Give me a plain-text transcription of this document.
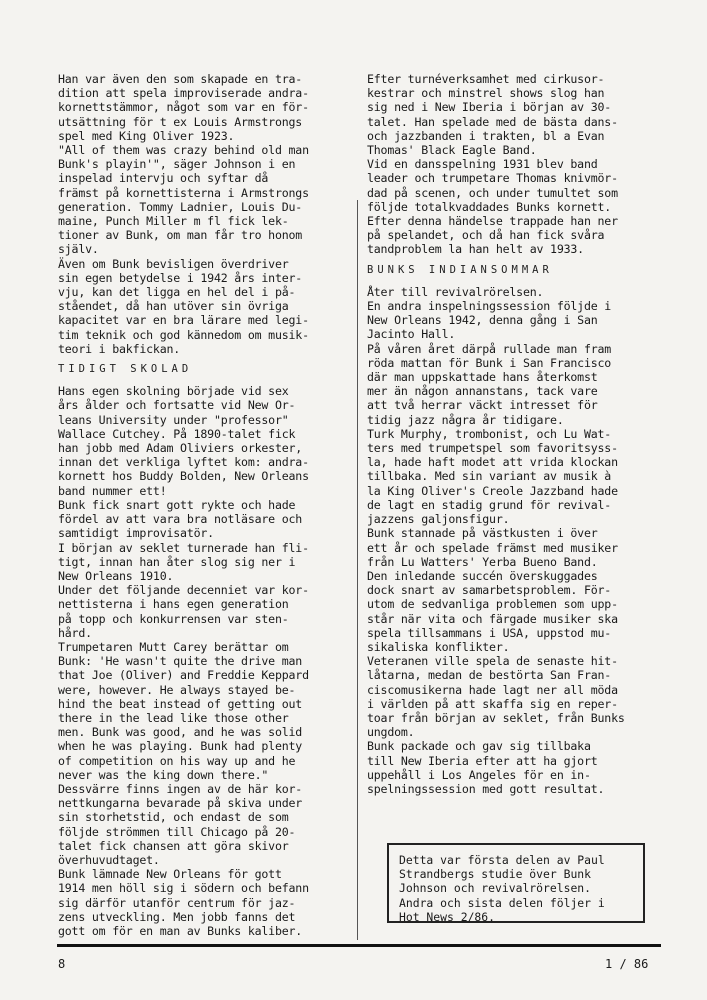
Han var även den som skapade en tra-
dition att spela improviserade andra-
kornettstämmor, något som var en för-
utsättning för t ex Louis Armstrongs
spel med King Oliver 1923.
"All of them was crazy behind old man
Bunk's playin'", säger Johnson i en
inspelad intervju och syftar då
främst på kornettisterna i Armstrongs
generation. Tommy Ladnier, Louis Du-
maine, Punch Miller m fl fick lek-
tioner av Bunk, om man får tro honom
själv.
Även om Bunk bevisligen överdriver
sin egen betydelse i 1942 års inter-
vju, kan det ligga en hel del i på-
ståendet, då han utöver sin övriga
kapacitet var en bra lärare med legi-
tim teknik och god kännedom om musik-
teori i bakfickan.
TIDIGT SKOLAD
Hans egen skolning började vid sex
års ålder och fortsatte vid New Or-
leans University under "professor"
Wallace Cutchey. På 1890-talet fick
han jobb med Adam Oliviers orkester,
innan det verkliga lyftet kom: andra-
kornett hos Buddy Bolden, New Orleans
band nummer ett!
Bunk fick snart gott rykte och hade
fördel av att vara bra notläsare och
samtidigt improvisatör.
I början av seklet turnerade han fli-
tigt, innan han åter slog sig ner i
New Orleans 1910.
Under det följande decenniet var kor-
nettisterna i hans egen generation
på topp och konkurrensen var sten-
hård.
Trumpetaren Mutt Carey berättar om
Bunk: 'He wasn't quite the drive man
that Joe (Oliver) and Freddie Keppard
were, however. He always stayed be-
hind the beat instead of getting out
there in the lead like those other
men. Bunk was good, and he was solid
when he was playing. Bunk had plenty
of competition on his way up and he
never was the king down there."
Dessvärre finns ingen av de här kor-
nettkungarna bevarade på skiva under
sin storhetstid, och endast de som
följde strömmen till Chicago på 20-
talet fick chansen att göra skivor
överhuvudtaget.
Bunk lämnade New Orleans för gott
1914 men höll sig i södern och befann
sig därför utanför centrum för jaz-
zens utveckling. Men jobb fanns det
gott om för en man av Bunks kaliber.
Efter turnéverksamhet med cirkusor-
kestrar och minstrel shows slog han
sig ned i New Iberia i början av 30-
talet. Han spelade med de bästa dans-
och jazzbanden i trakten, bl a Evan
Thomas' Black Eagle Band.
Vid en dansspelning 1931 blev band
leader och trumpetare Thomas knivmör-
dad på scenen, och under tumultet som
följde totalkvaddades Bunks kornett.
Efter denna händelse trappade han ner
på spelandet, och då han fick svåra
tandproblem la han helt av 1933.
BUNKS INDIANSOMMAR
Åter till revivalrörelsen.
En andra inspelningssession följde i
New Orleans 1942, denna gång i San
Jacinto Hall.
På våren året därpå rullade man fram
röda mattan för Bunk i San Francisco
där man uppskattade hans återkomst
mer än någon annanstans, tack vare
att två herrar väckt intresset för
tidig jazz några år tidigare.
Turk Murphy, trombonist, och Lu Wat-
ters med trumpetspel som favoritsyss-
la, hade haft modet att vrida klockan
tillbaka. Med sin variant av musik à
la King Oliver's Creole Jazzband hade
de lagt en stadig grund för revival-
jazzens galjonsfigur.
Bunk stannade på västkusten i över
ett år och spelade främst med musiker
från Lu Watters' Yerba Bueno Band.
Den inledande succén överskuggades
dock snart av samarbetsproblem. För-
utom de sedvanliga problemen som upp-
står när vita och färgade musiker ska
spela tillsammans i USA, uppstod mu-
sikaliska konflikter.
Veteranen ville spela de senaste hit-
låtarna, medan de bestörta San Fran-
ciscomusikerna hade lagt ner all möda
i världen på att skaffa sig en reper-
toar från början av seklet, från Bunks
ungdom.
Bunk packade och gav sig tillbaka
till New Iberia efter att ha gjort
uppehåll i Los Angeles för en in-
spelningssession med gott resultat.
Detta var första delen av Paul
Strandbergs studie över Bunk
Johnson och revivalrörelsen.
Andra och sista delen följer i
Hot News 2/86.
8	1 / 86
